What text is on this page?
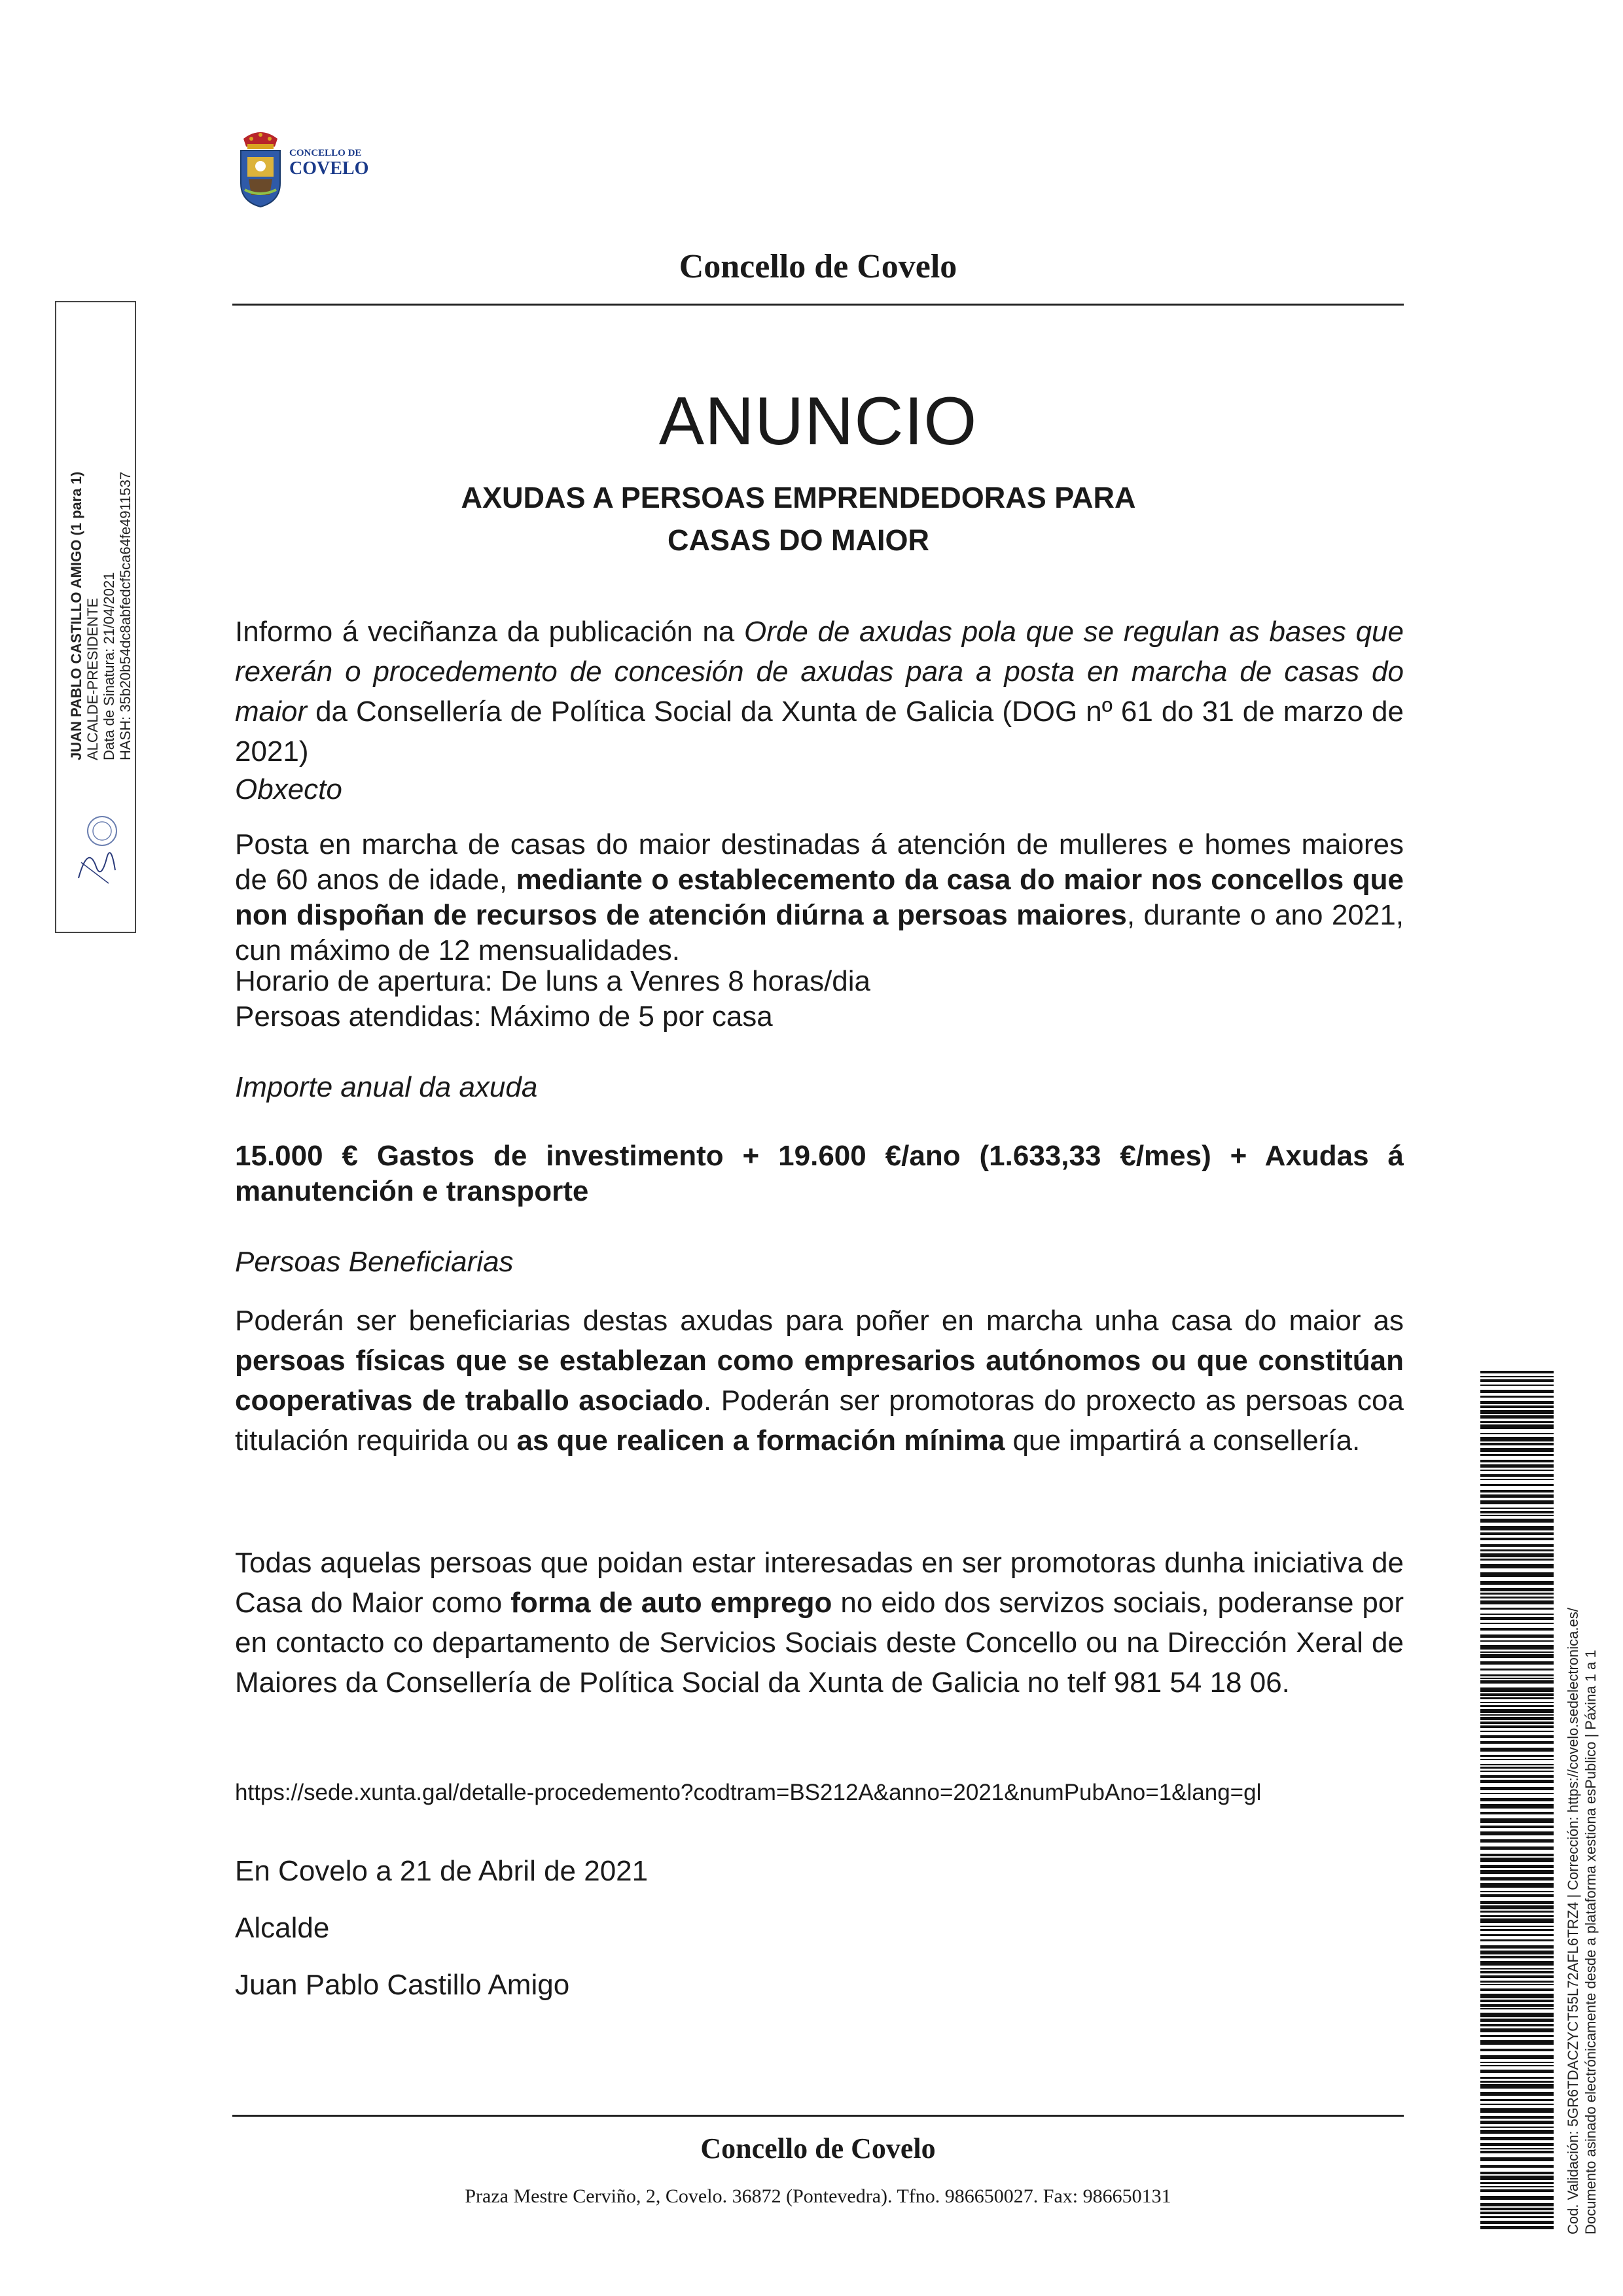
CONCELLO DE
COVELO
Concello de Covelo
ANUNCIO
AXUDAS A PERSOAS EMPRENDEDORAS PARA
CASAS DO MAIOR
Informo á veciñanza da publicación na Orde de axudas pola que se regulan as bases que rexerán o procedemento de concesión de axudas para a posta en marcha de casas do maior da Consellería de Política Social da Xunta de Galicia (DOG nº 61 do 31 de marzo de 2021)
Obxecto
Posta en marcha de casas do maior destinadas á atención de mulleres e homes maiores de 60 anos de idade, mediante o establecemento da casa do maior nos concellos que non dispoñan de recursos de atención diúrna a persoas maiores, durante o ano 2021, cun máximo de 12 mensualidades.
Horario de apertura: De luns a Venres 8 horas/dia
Persoas atendidas: Máximo de 5 por casa
Importe anual da axuda
15.000 € Gastos de investimento + 19.600 €/ano (1.633,33 €/mes) + Axudas á manutención e transporte
Persoas Beneficiarias
Poderán ser beneficiarias destas axudas para poñer en marcha unha casa do maior as persoas físicas que se establezan como empresarios autónomos ou que constitúan cooperativas de traballo asociado. Poderán ser promotoras do proxecto as persoas coa titulación requirida ou as que realicen a formación mínima que impartirá a consellería.
Todas aquelas persoas que poidan estar interesadas en ser promotoras dunha iniciativa de Casa do Maior como forma de auto emprego no eido dos servizos sociais, poderanse por en contacto co departamento de Servicios Sociais deste Concello ou na Dirección Xeral de Maiores da Consellería de Política Social da Xunta de Galicia no telf 981 54 18 06.
https://sede.xunta.gal/detalle-procedemento?codtram=BS212A&anno=2021&numPubAno=1&lang=gl
En Covelo a 21 de Abril de 2021
Alcalde
Juan Pablo Castillo Amigo
Concello de Covelo
Praza Mestre Cerviño, 2, Covelo. 36872 (Pontevedra). Tfno. 986650027. Fax: 986650131
JUAN PABLO CASTILLO AMIGO (1 para 1) ALCALDE-PRESIDENTE Data de Sinatura: 21/04/2021 HASH: 35b20b54dc8abfedcf5ca64fe4911537
Cod. Validación: 5GR6TDACZYCT55L72AFL6TRZ4 | Corrección: https://covelo.sedelectronica.es/ Documento asinado electrónicamente desde a plataforma xestiona esPublico | Páxina 1 a 1
